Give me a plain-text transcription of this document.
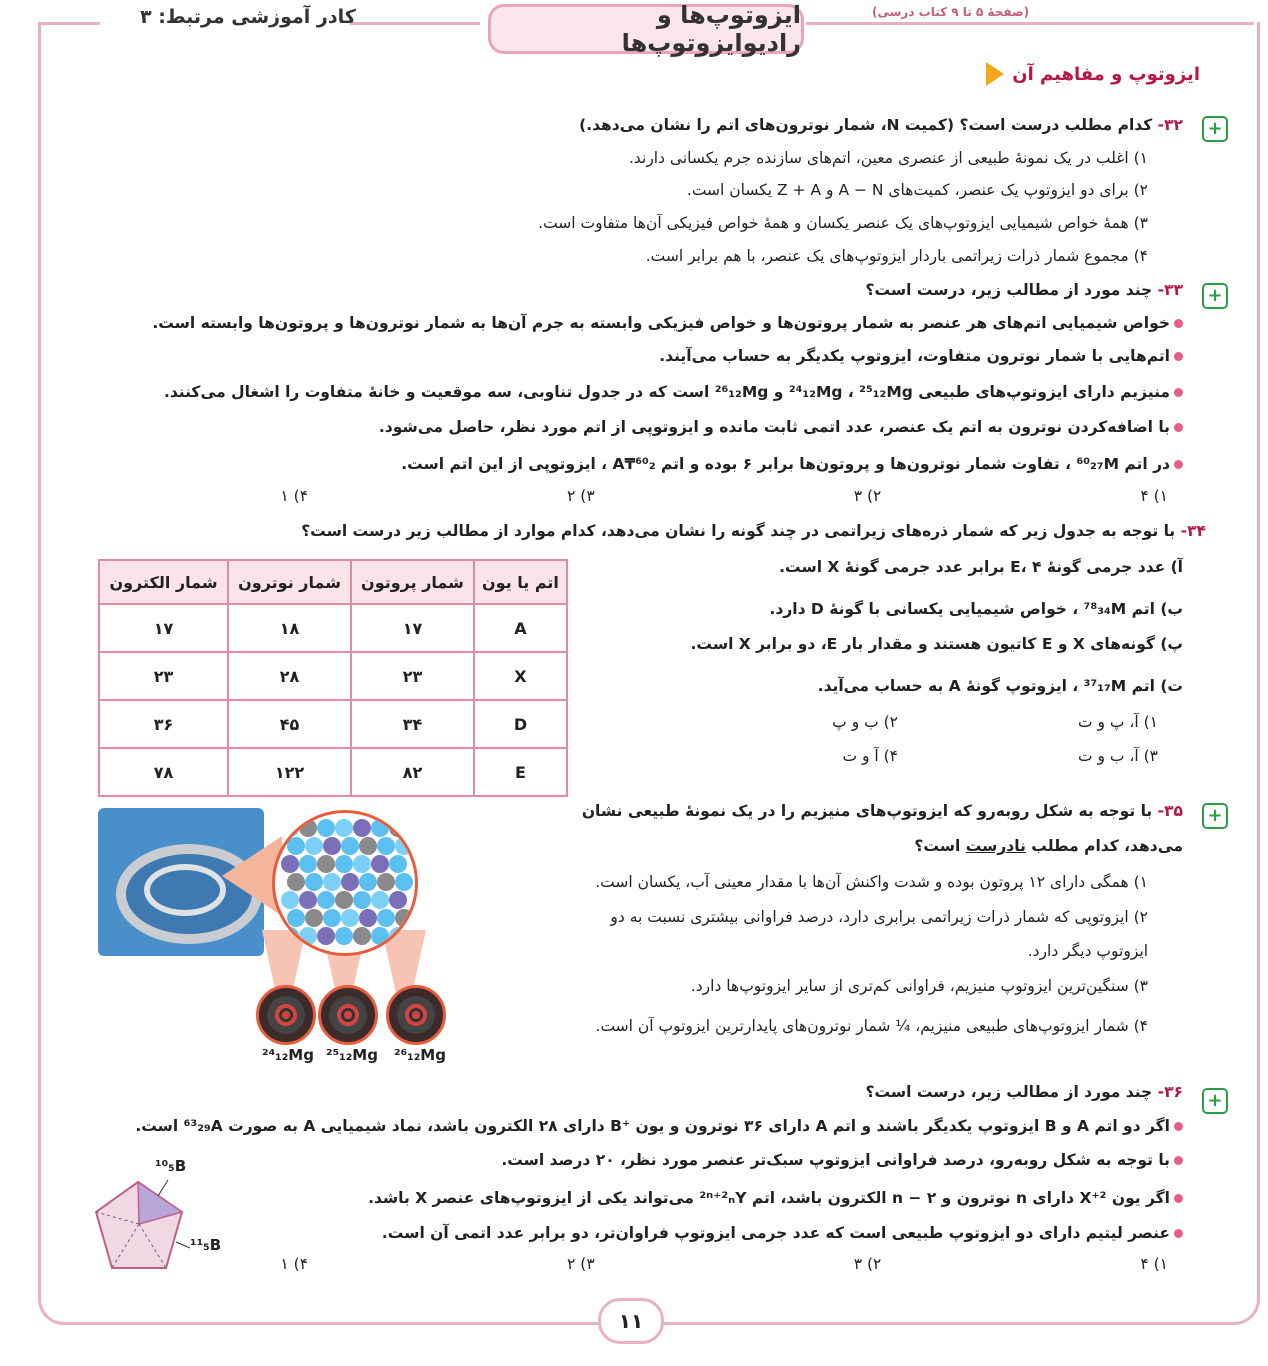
کادر آموزشی مرتبط: ۳	ایزوتوپ‌ها و رادیوایزوتوپ‌ها
(صفحهٔ ۵ تا ۹ کتاب درسی)
ایزوتوپ و مفاهیم آن
+
۳۲- کدام مطلب درست است؟ (کمیت N، شمار نوترون‌های اتم را نشان می‌دهد.)
۱) اغلب در یک نمونهٔ طبیعی از عنصری معین، اتم‌های سازنده جرم یکسانی دارند.
۲) برای دو ایزوتوپ یک عنصر، کمیت‌های A − N و Z + A یکسان است.
۳) همهٔ خواص شیمیایی ایزوتوپ‌های یک عنصر یکسان و همهٔ خواص فیزیکی آن‌ها متفاوت است.
۴) مجموع شمار ذرات زیراتمی باردار ایزوتوپ‌های یک عنصر، با هم برابر است.
+
۳۳- چند مورد از مطالب زیر، درست است؟
خواص شیمیایی اتم‌های هر عنصر به شمار پروتون‌ها و خواص فیزیکی وابسته به جرم آن‌ها به شمار نوترون‌ها و پروتون‌ها وابسته است.
اتم‌هایی با شمار نوترون متفاوت، ایزوتوپ یکدیگر به حساب می‌آیند.
منیزیم دارای ایزوتوپ‌های طبیعی ²⁴₁₂Mg ، ²⁵₁₂Mg و ²⁶₁₂Mg است که در جدول تناوبی، سه موقعیت و خانهٔ متفاوت را اشغال می‌کنند.
با اضافه‌کردن نوترون به اتم یک عنصر، عدد اتمی ثابت مانده و ایزوتوپی از اتم مورد نظر، حاصل می‌شود.
در اتم ⁶⁰₂₇M ، تفاوت شمار نوترون‌ها و پروتون‌ها برابر ۶ بوده و اتم ⁶⁰₂₸A ، ایزوتوپی از این اتم است.
۱) ۴
۲) ۳
۳) ۲
۴) ۱
۳۴- با توجه به جدول زیر که شمار ذره‌های زیراتمی در چند گونه را نشان می‌دهد، کدام موارد از مطالب زیر درست است؟
آ) عدد جرمی گونهٔ E، ۴ برابر عدد جرمی گونهٔ X است.
ب) اتم ⁷⁸₃₄M ، خواص شیمیایی یکسانی با گونهٔ D دارد.
پ) گونه‌های X و E کاتیون هستند و مقدار بار E، دو برابر X است.
ت) اتم ³⁷₁₇M ، ایزوتوپ گونهٔ A به حساب می‌آید.
۱) آ، پ و ت
۲) ب و پ
۳) آ، ب و ت
۴) آ و ت
اتم یا یون	شمار پروتون	شمار نوترون	شمار الکترون
A	۱۷	۱۸	۱۷
X	۲۳	۲۸	۲۳
D	۳۴	۴۵	۳۶
E	۸۲	۱۲۲	۷۸
+
۳۵- با توجه به شکل روبه‌رو که ایزوتوپ‌های منیزیم را در یک نمونهٔ طبیعی نشان
می‌دهد، کدام مطلب نادرست است؟
۱) همگی دارای ۱۲ پروتون بوده و شدت واکنش آن‌ها با مقدار معینی آب، یکسان است.
۲) ایزوتوپی که شمار ذرات زیراتمی برابری دارد، درصد فراوانی بیشتری نسبت به دو
ایزوتوپ دیگر دارد.
۳) سنگین‌ترین ایزوتوپ منیزیم، فراوانی کم‌تری از سایر ایزوتوپ‌ها دارد.
۴) شمار ایزوتوپ‌های طبیعی منیزیم، ¼ شمار نوترون‌های پایدارترین ایزوتوپ آن است.
²⁴₁₂Mg ²⁵₁₂Mg ²⁶₁₂Mg
+
۳۶- چند مورد از مطالب زیر، درست است؟
اگر دو اتم A و B ایزوتوپ یکدیگر باشند و اتم A دارای ۳۶ نوترون و یون ⁺B دارای ۲۸ الکترون باشد، نماد شیمیایی A به صورت ⁶³₂₉A است.
با توجه به شکل روبه‌رو، درصد فراوانی ایزوتوپ سبک‌تر عنصر مورد نظر، ۲۰ درصد است.
اگر یون ²⁺X دارای n نوترون و n − ۲ الکترون باشد، اتم ²ⁿ⁺²ₙY می‌تواند یکی از ایزوتوپ‌های عنصر X باشد.
عنصر لیتیم دارای دو ایزوتوپ طبیعی است که عدد جرمی ایزوتوپ فراوان‌تر، دو برابر عدد اتمی آن است.
۱) ۴
۲) ۳
۳) ۲
۴) ۱
¹⁰₅B
¹¹₅B
۱۱
